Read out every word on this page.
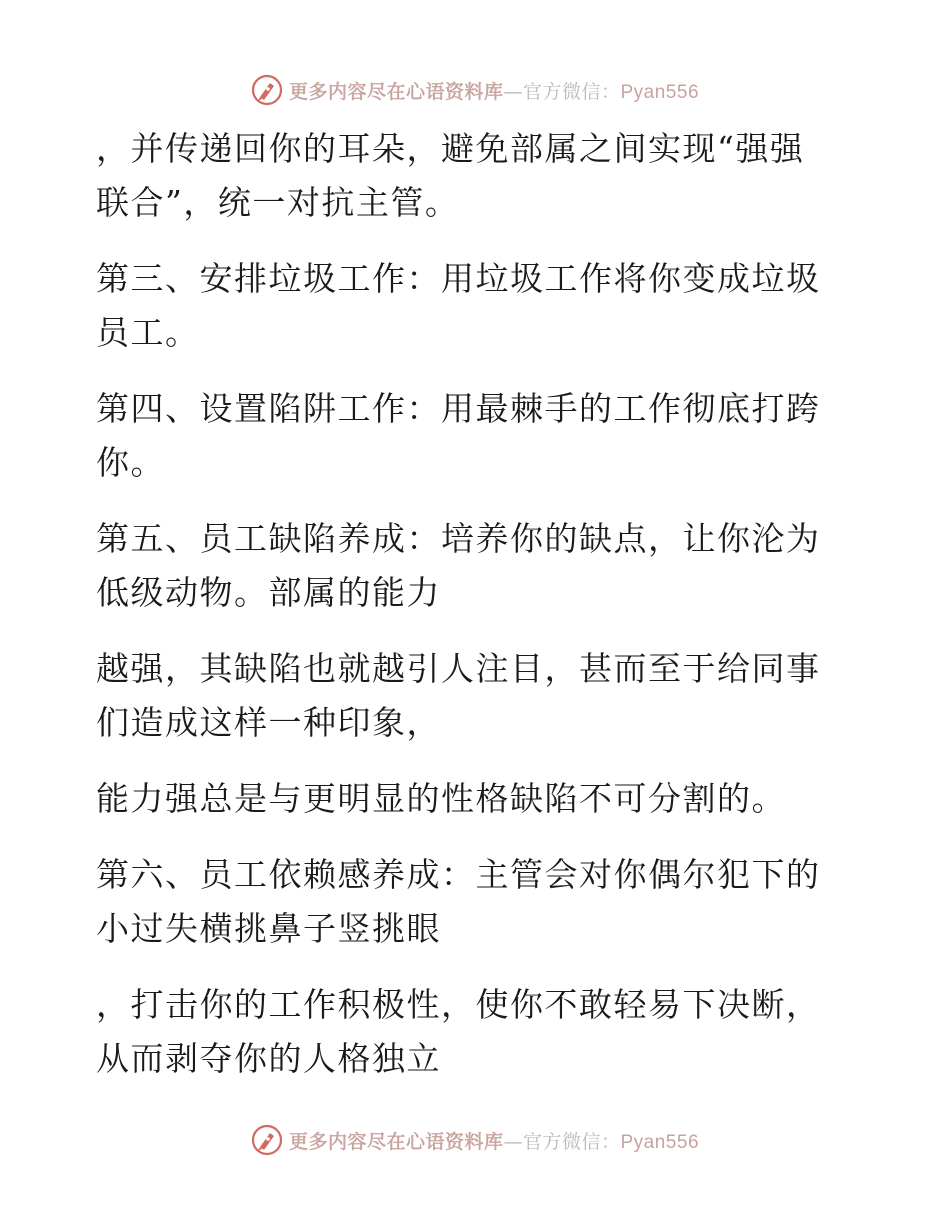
更多内容尽在心语资料库—官方微信：Pyan556

，并传递回你的耳朵，避免部属之间实现“强强联合”，统一对抗主管。

第三、安排垃圾工作：用垃圾工作将你变成垃圾员工。

第四、设置陷阱工作：用最棘手的工作彻底打跨你。

第五、员工缺陷养成：培养你的缺点，让你沦为低级动物。部属的能力

越强，其缺陷也就越引人注目，甚而至于给同事们造成这样一种印象，

能力强总是与更明显的性格缺陷不可分割的。

第六、员工依赖感养成：主管会对你偶尔犯下的小过失横挑鼻子竖挑眼

，打击你的工作积极性，使你不敢轻易下决断，从而剥夺你的人格独立

更多内容尽在心语资料库—官方微信：Pyan556
